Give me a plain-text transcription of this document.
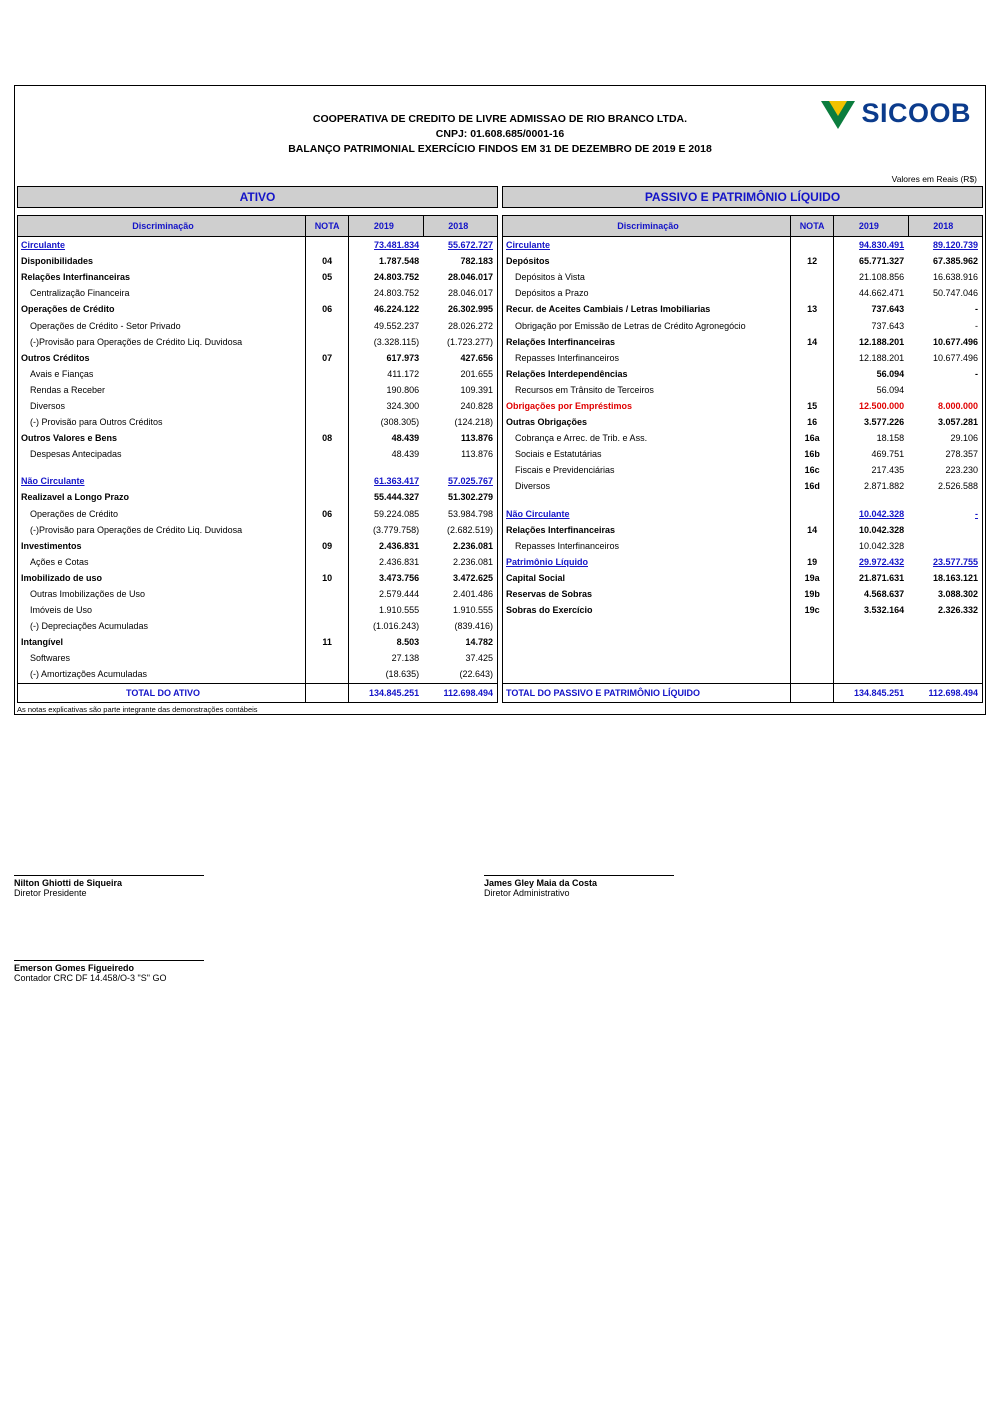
SICOOB
COOPERATIVA DE CREDITO DE LIVRE ADMISSAO DE RIO BRANCO LTDA.
CNPJ: 01.608.685/0001-16
BALANÇO PATRIMONIAL EXERCÍCIO FINDOS EM 31 DE DEZEMBRO DE 2019 E 2018
Valores em Reais (R$)
ATIVO
Discriminação	NOTA	2019	2018
Circulante		73.481.834	55.672.727
Disponibilidades	04	1.787.548	782.183
Relações Interfinanceiras	05	24.803.752	28.046.017
Centralização Financeira		24.803.752	28.046.017
Operações de Crédito	06	46.224.122	26.302.995
Operações de Crédito - Setor Privado		49.552.237	28.026.272
(-)Provisão para Operações de Crédito Liq. Duvidosa		(3.328.115)	(1.723.277)
Outros Créditos	07	617.973	427.656
Avais e Fianças		411.172	201.655
Rendas a Receber		190.806	109.391
Diversos		324.300	240.828
(-) Provisão para Outros Créditos		(308.305)	(124.218)
Outros Valores e Bens	08	48.439	113.876
Despesas Antecipadas		48.439	113.876

Não Circulante		61.363.417	57.025.767
Realizavel a Longo Prazo		55.444.327	51.302.279
Operações de Crédito	06	59.224.085	53.984.798
(-)Provisão para Operações de Crédito Liq. Duvidosa		(3.779.758)	(2.682.519)
Investimentos	09	2.436.831	2.236.081
Ações e Cotas		2.436.831	2.236.081
Imobilizado de uso	10	3.473.756	3.472.625
Outras Imobilizações de Uso		2.579.444	2.401.486
Imóveis de Uso		1.910.555	1.910.555
(-) Depreciações Acumuladas		(1.016.243)	(839.416)
Intangível	11	8.503	14.782
Softwares		27.138	37.425
(-) Amortizações Acumuladas		(18.635)	(22.643)
TOTAL DO ATIVO		134.845.251	112.698.494
PASSIVO E PATRIMÔNIO LÍQUIDO
Discriminação	NOTA	2019	2018
Circulante		94.830.491	89.120.739
Depósitos	12	65.771.327	67.385.962
Depósitos à Vista		21.108.856	16.638.916
Depósitos a Prazo		44.662.471	50.747.046
Recur. de Aceites Cambiais / Letras Imobiliarias	13	737.643	-
Obrigação por Emissão de Letras de Crédito Agronegócio		737.643	-
Relações Interfinanceiras	14	12.188.201	10.677.496
Repasses Interfinanceiros		12.188.201	10.677.496
Relações Interdependências		56.094	-
Recursos em Trânsito de Terceiros		56.094	
Obrigações por Empréstimos	15	12.500.000	8.000.000
Outras Obrigações	16	3.577.226	3.057.281
Cobrança e Arrec. de Trib. e Ass.	16a	18.158	29.106
Sociais e Estatutárias	16b	469.751	278.357
Fiscais e Previdenciárias	16c	217.435	223.230
Diversos	16d	2.871.882	2.526.588

Não Circulante		10.042.328	-
Relações Interfinanceiras	14	10.042.328	
Repasses Interfinanceiros		10.042.328	
Patrimônio Líquido	19	29.972.432	23.577.755
Capital Social	19a	21.871.631	18.163.121
Reservas de Sobras	19b	4.568.637	3.088.302
Sobras do Exercício	19c	3.532.164	2.326.332

TOTAL DO PASSIVO E PATRIMÔNIO LÍQUIDO		134.845.251	112.698.494
As notas explicativas são parte integrante das demonstrações contábeis
Nilton Ghiotti de Siqueira
Diretor Presidente
James Gley Maia da Costa
Diretor Administrativo
Emerson Gomes Figueiredo
Contador CRC DF 14.458/O-3 "S" GO
